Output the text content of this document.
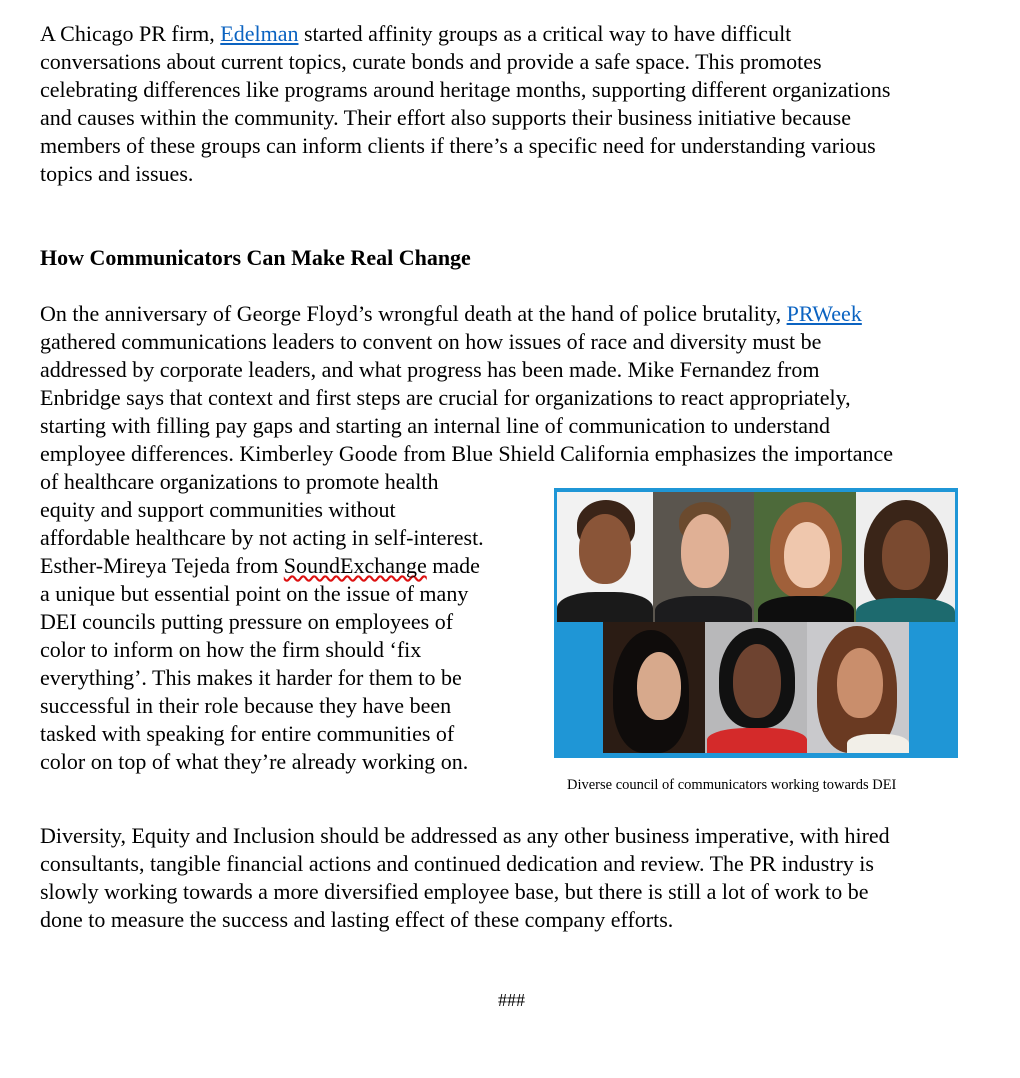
A Chicago PR firm, Edelman started affinity groups as a critical way to have difficult
conversations about current topics, curate bonds and provide a safe space. This promotes
celebrating differences like programs around heritage months, supporting different organizations
and causes within the community. Their effort also supports their business initiative because
members of these groups can inform clients if there’s a specific need for understanding various
topics and issues.
How Communicators Can Make Real Change
On the anniversary of George Floyd’s wrongful death at the hand of police brutality, PRWeek
gathered communications leaders to convent on how issues of race and diversity must be
addressed by corporate leaders, and what progress has been made. Mike Fernandez from
Enbridge says that context and first steps are crucial for organizations to react appropriately,
starting with filling pay gaps and starting an internal line of communication to understand
employee differences. Kimberley Goode from Blue Shield California emphasizes the importance
of healthcare organizations to promote health
equity and support communities without
affordable healthcare by not acting in self-interest.
Esther-Mireya Tejeda from SoundExchange made
a unique but essential point on the issue of many
DEI councils putting pressure on employees of
color to inform on how the firm should ‘fix
everything’. This makes it harder for them to be
successful in their role because they have been
tasked with speaking for entire communities of
color on top of what they’re already working on.
Diverse council of communicators working towards DEI
Diversity, Equity and Inclusion should be addressed as any other business imperative, with hired
consultants, tangible financial actions and continued dedication and review. The PR industry is
slowly working towards a more diversified employee base, but there is still a lot of work to be
done to measure the success and lasting effect of these company efforts.
###
